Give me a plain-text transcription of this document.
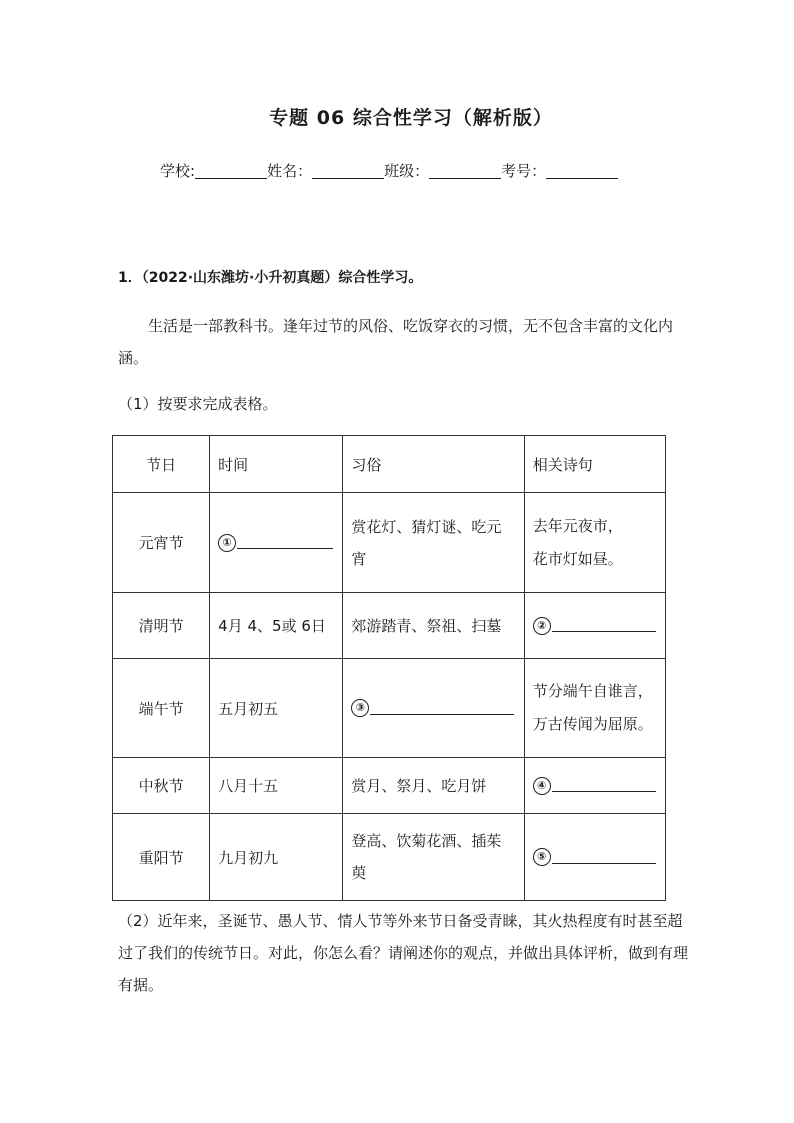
专题 06 综合性学习（解析版）
学校:	姓名：	班级：	考号：
1．（2022·山东潍坊·小升初真题）综合性学习。
生活是一部教科书。逢年过节的风俗、吃饭穿衣的习惯，无不包含丰富的文化内涵。
（1）按要求完成表格。
节日	时间	习俗	相关诗句
元宵节	①	赏花灯、猜灯谜、吃元宵	去年元夜市，
花市灯如昼。

清明节	4月 4、5或 6日	郊游踏青、祭祖、扫墓	②
端午节	五月初五	③	节分端午自谁言，
万古传闻为屈原。

中秋节	八月十五	赏月、祭月、吃月饼	④
重阳节	九月初九	登高、饮菊花酒、插茱萸	⑤
（2）近年来，圣诞节、愚人节、情人节等外来节日备受青睐，其火热程度有时甚至超过了我们的传统节日。对此，你怎么看？请阐述你的观点，并做出具体评析，做到有理有据。
